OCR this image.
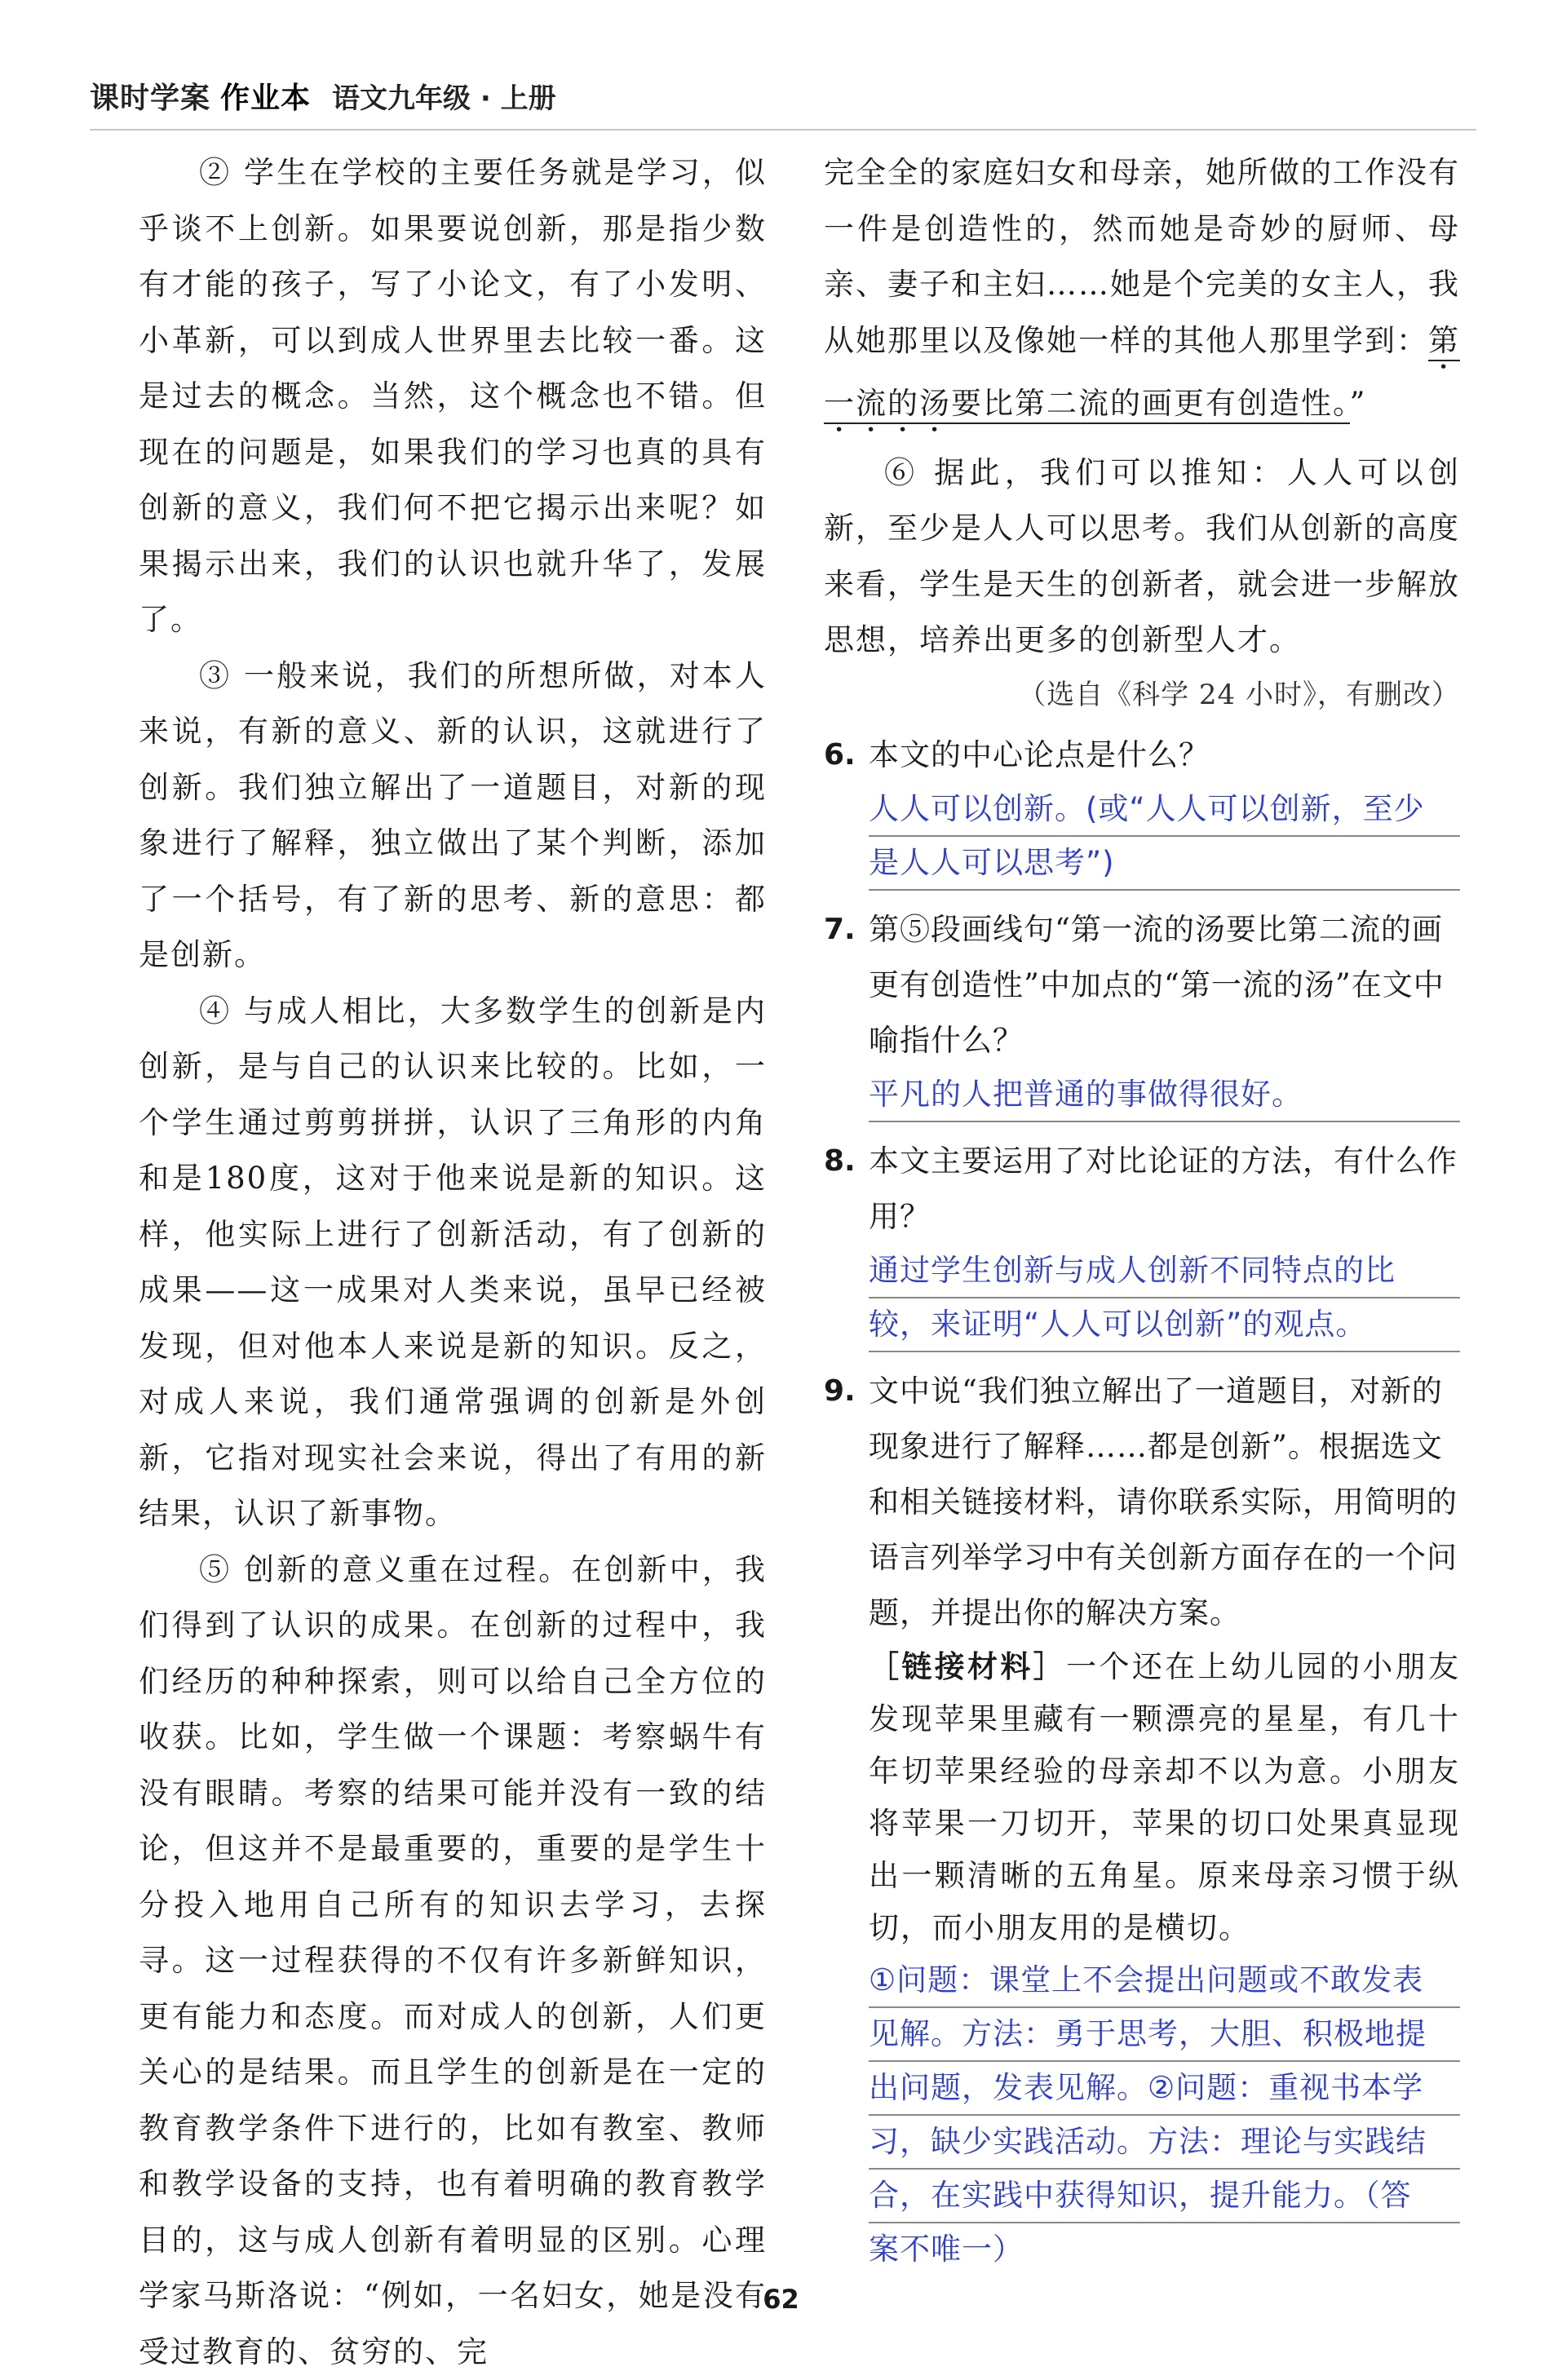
课时学案 作业本 语文九年级 · 上册

② 学生在学校的主要任务就是学习，似乎谈不上创新。如果要说创新，那是指少数有才能的孩子，写了小论文，有了小发明、小革新，可以到成人世界里去比较一番。这是过去的概念。当然，这个概念也不错。但现在的问题是，如果我们的学习也真的具有创新的意义，我们何不把它揭示出来呢？如果揭示出来，我们的认识也就升华了，发展了。

③ 一般来说，我们的所想所做，对本人来说，有新的意义、新的认识，这就进行了创新。我们独立解出了一道题目，对新的现象进行了解释，独立做出了某个判断，添加了一个括号，有了新的思考、新的意思：都是创新。

④ 与成人相比，大多数学生的创新是内创新，是与自己的认识来比较的。比如，一个学生通过剪剪拼拼，认识了三角形的内角和是180度，这对于他来说是新的知识。这样，他实际上进行了创新活动，有了创新的成果——这一成果对人类来说，虽早已经被发现，但对他本人来说是新的知识。反之，对成人来说，我们通常强调的创新是外创新，它指对现实社会来说，得出了有用的新结果，认识了新事物。

⑤ 创新的意义重在过程。在创新中，我们得到了认识的成果。在创新的过程中，我们经历的种种探索，则可以给自己全方位的收获。比如，学生做一个课题：考察蜗牛有没有眼睛。考察的结果可能并没有一致的结论，但这并不是最重要的，重要的是学生十分投入地用自己所有的知识去学习，去探寻。这一过程获得的不仅有许多新鲜知识，更有能力和态度。而对成人的创新，人们更关心的是结果。而且学生的创新是在一定的教育教学条件下进行的，比如有教室、教师和教学设备的支持，也有着明确的教育教学目的，这与成人创新有着明显的区别。心理学家马斯洛说：“例如，一名妇女，她是没有受过教育的、贫穷的、完

完全全的家庭妇女和母亲，她所做的工作没有一件是创造性的，然而她是奇妙的厨师、母亲、妻子和主妇……她是个完美的女主人，我从她那里以及像她一样的其他人那里学到：第一流的汤要比第二流的画更有创造性。”

⑥ 据此，我们可以推知：人人可以创新，至少是人人可以思考。我们从创新的高度来看，学生是天生的创新者，就会进一步解放思想，培养出更多的创新型人才。

（选自《科学 24 小时》，有删改）

6. 本文的中心论点是什么？

人人可以创新。(或“人人可以创新，至少
是人人可以思考”)
7. 第⑤段画线句“第一流的汤要比第二流的画更有创造性”中加点的“第一流的汤”在文中喻指什么？

平凡的人把普通的事做得很好。
8. 本文主要运用了对比论证的方法，有什么作用？

通过学生创新与成人创新不同特点的比
较，来证明“人人可以创新”的观点。
9. 文中说“我们独立解出了一道题目，对新的现象进行了解释……都是创新”。根据选文和相关链接材料，请你联系实际，用简明的语言列举学习中有关创新方面存在的一个问题，并提出你的解决方案。

［链接材料］一个还在上幼儿园的小朋友发现苹果里藏有一颗漂亮的星星，有几十年切苹果经验的母亲却不以为意。小朋友将苹果一刀切开，苹果的切口处果真显现出一颗清晰的五角星。原来母亲习惯于纵切，而小朋友用的是横切。

①问题：课堂上不会提出问题或不敢发表
见解。方法：勇于思考，大胆、积极地提
出问题，发表见解。②问题：重视书本学
习，缺少实践活动。方法：理论与实践结
合，在实践中获得知识，提升能力。（答
案不唯一）
62
